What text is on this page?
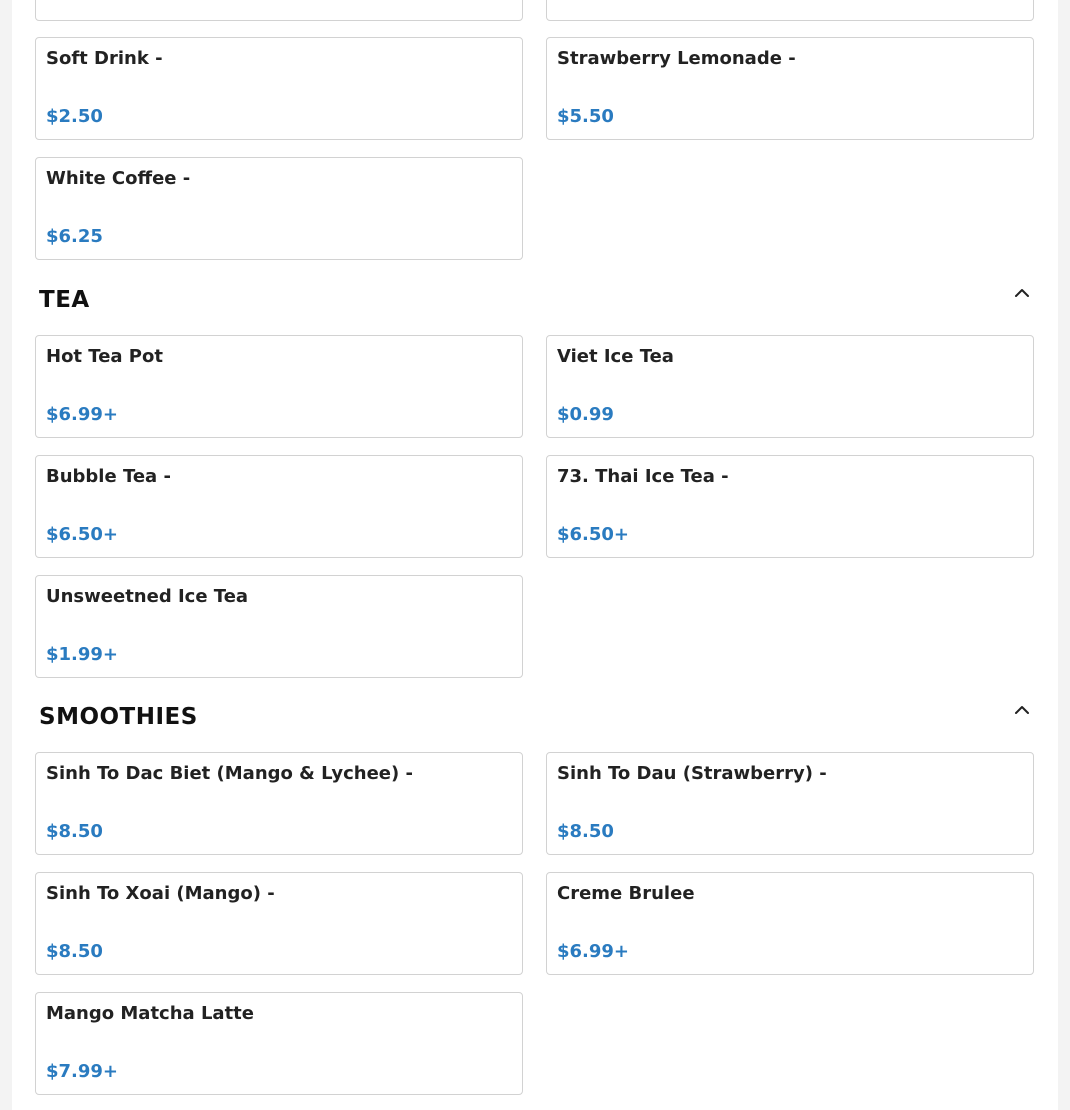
Soft Drink -
$2.50
Strawberry Lemonade -
$5.50
White Coffee -
$6.25
TEA
Hot Tea Pot
$6.99+
Viet Ice Tea
$0.99
Bubble Tea -
$6.50+
73. Thai Ice Tea -
$6.50+
Unsweetned Ice Tea
$1.99+
SMOOTHIES
Sinh To Dac Biet (Mango & Lychee) -
$8.50
Sinh To Dau (Strawberry) -
$8.50
Sinh To Xoai (Mango) -
$8.50
Creme Brulee
$6.99+
Mango Matcha Latte
$7.99+
